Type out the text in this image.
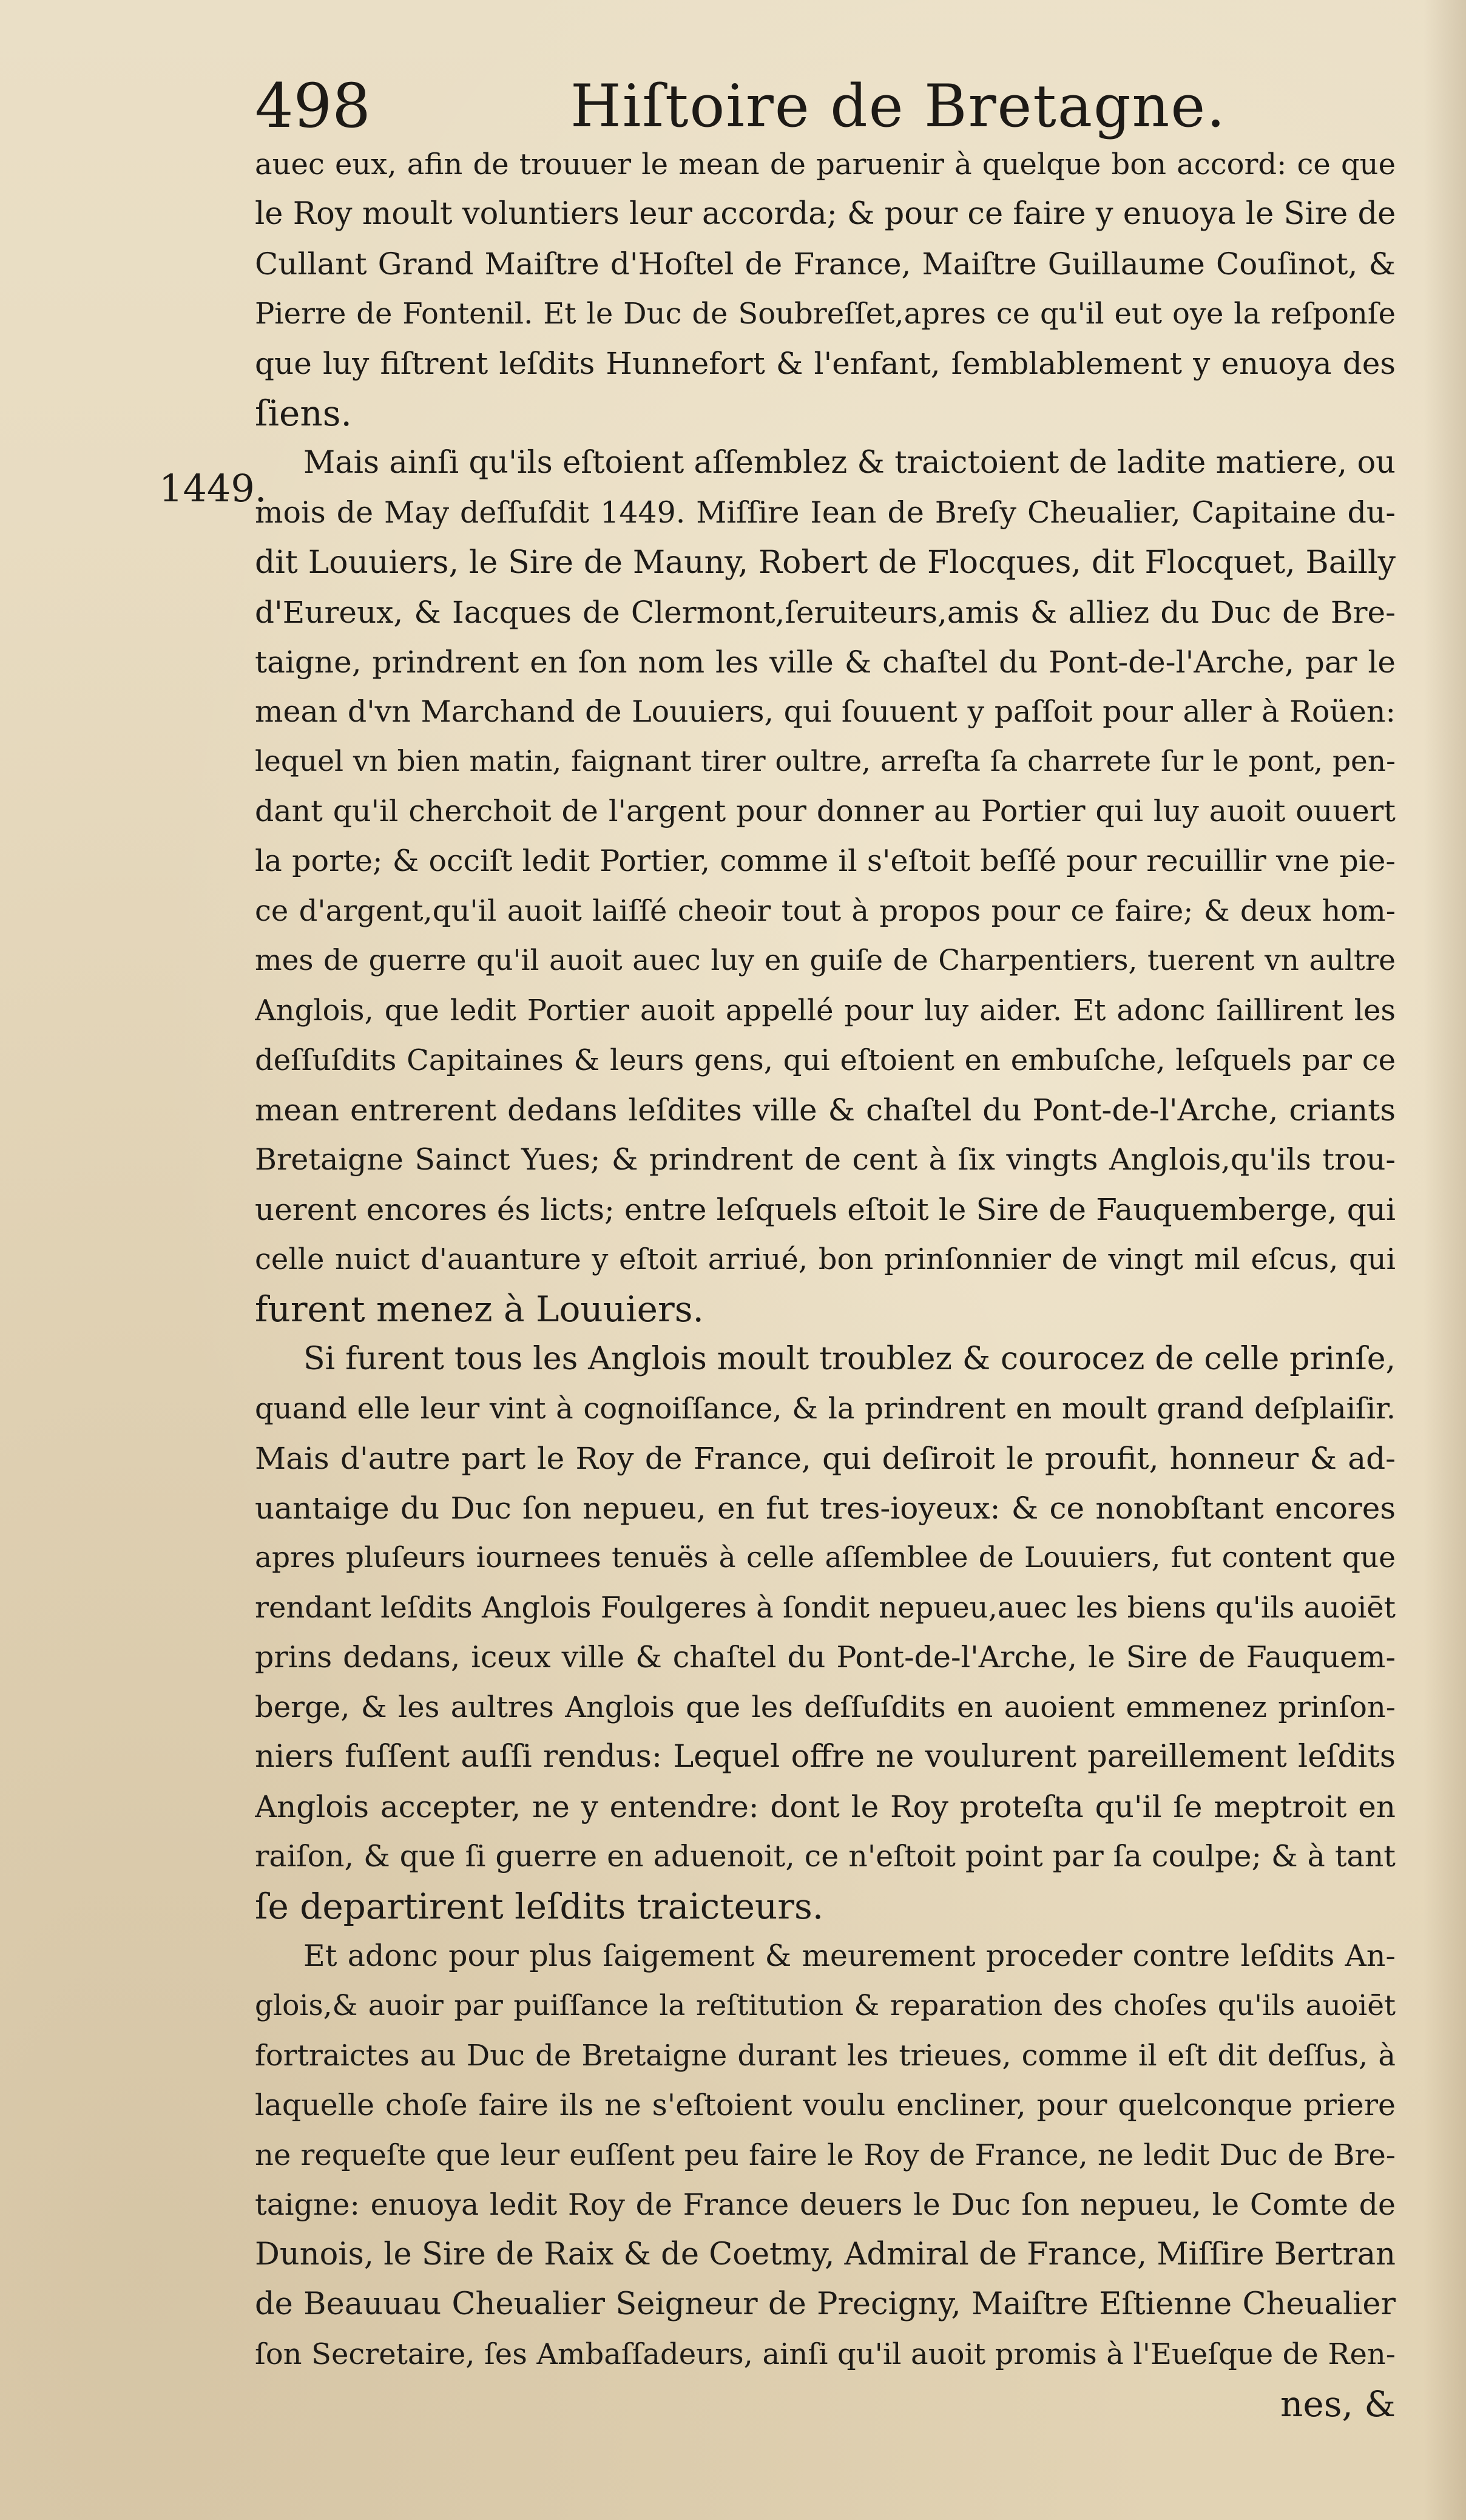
498	Hiſtoire de Bretagne.
1449.
auec eux, afin de trouuer le mean de paruenir à quelque bon accord: ce que
le Roy moult voluntiers leur accorda; & pour ce faire y enuoya le Sire de
Cullant Grand Maiſtre d'Hoſtel de France, Maiſtre Guillaume Couſinot, &
Pierre de Fontenil. Et le Duc de Soubreſſet,apres ce qu'il eut oye la reſponſe
que luy fiſtrent leſdits Hunnefort & l'enfant, ſemblablement y enuoya des
ſiens.
Mais ainſi qu'ils eſtoient aſſemblez & traictoient de ladite matiere, ou
mois de May deſſuſdit 1449. Miſſire Iean de Breſy Cheualier, Capitaine du-
dit Louuiers, le Sire de Mauny, Robert de Flocques, dit Flocquet, Bailly
d'Eureux, & Iacques de Clermont,ſeruiteurs,amis & alliez du Duc de Bre-
taigne, prindrent en ſon nom les ville & chaſtel du Pont-de-l'Arche, par le
mean d'vn Marchand de Louuiers, qui ſouuent y paſſoit pour aller à Roüen:
lequel vn bien matin, faignant tirer oultre, arreſta ſa charrete ſur le pont, pen-
dant qu'il cherchoit de l'argent pour donner au Portier qui luy auoit ouuert
la porte; & occiſt ledit Portier, comme il s'eſtoit beſſé pour recuillir vne pie-
ce d'argent,qu'il auoit laiſſé cheoir tout à propos pour ce faire; & deux hom-
mes de guerre qu'il auoit auec luy en guiſe de Charpentiers, tuerent vn aultre
Anglois, que ledit Portier auoit appellé pour luy aider. Et adonc ſaillirent les
deſſuſdits Capitaines & leurs gens, qui eſtoient en embuſche, leſquels par ce
mean entrerent dedans leſdites ville & chaſtel du Pont-de-l'Arche, criants
Bretaigne Sainct Yues; & prindrent de cent à ſix vingts Anglois,qu'ils trou-
uerent encores és licts; entre leſquels eſtoit le Sire de Fauquemberge, qui
celle nuict d'auanture y eſtoit arriué, bon prinſonnier de vingt mil eſcus, qui
furent menez à Louuiers.
Si furent tous les Anglois moult troublez & courocez de celle prinſe,
quand elle leur vint à cognoiſſance, & la prindrent en moult grand deſplaiſir.
Mais d'autre part le Roy de France, qui deſiroit le proufit, honneur & ad-
uantaige du Duc ſon nepueu, en fut tres-ioyeux: & ce nonobſtant encores
apres pluſeurs iournees tenuës à celle aſſemblee de Louuiers, fut content que
rendant leſdits Anglois Foulgeres à ſondit nepueu,auec les biens qu'ils auoiēt
prins dedans, iceux ville & chaſtel du Pont-de-l'Arche, le Sire de Fauquem-
berge, & les aultres Anglois que les deſſuſdits en auoient emmenez prinſon-
niers fuſſent auſſi rendus: Lequel offre ne voulurent pareillement leſdits
Anglois accepter, ne y entendre: dont le Roy proteſta qu'il ſe meptroit en
raiſon, & que ſi guerre en aduenoit, ce n'eſtoit point par ſa coulpe; & à tant
ſe departirent leſdits traicteurs.
Et adonc pour plus ſaigement & meurement proceder contre leſdits An-
glois,& auoir par puiſſance la reſtitution & reparation des choſes qu'ils auoiēt
fortraictes au Duc de Bretaigne durant les trieues, comme il eſt dit deſſus, à
laquelle choſe faire ils ne s'eſtoient voulu encliner, pour quelconque priere
ne requeſte que leur euſſent peu faire le Roy de France, ne ledit Duc de Bre-
taigne: enuoya ledit Roy de France deuers le Duc ſon nepueu, le Comte de
Dunois, le Sire de Raix & de Coetmy, Admiral de France, Miſſire Bertran
de Beauuau Cheualier Seigneur de Precigny, Maiſtre Eſtienne Cheualier
ſon Secretaire, ſes Ambaſſadeurs, ainſi qu'il auoit promis à l'Eueſque de Ren-
nes, &
